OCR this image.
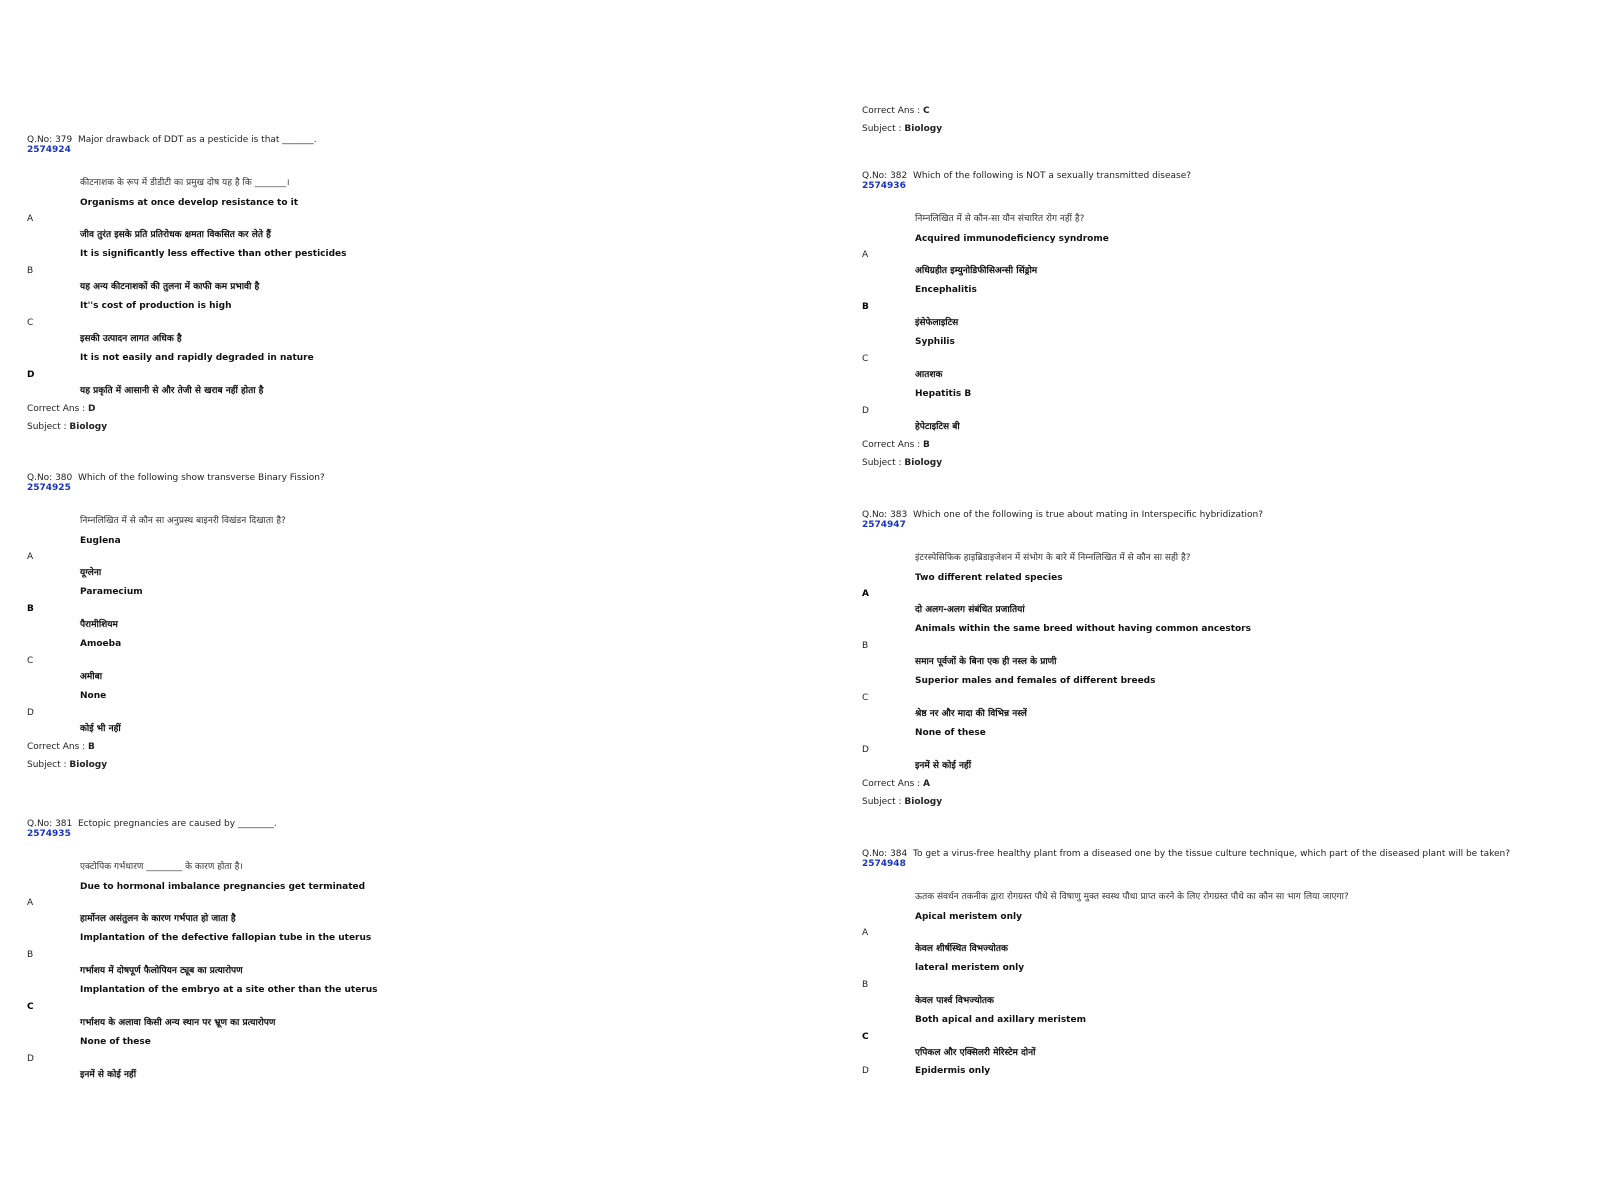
Q.No: 379 Major drawback of DDT as a pesticide is that _______.
2574924
कीटनाशक के रूप में डीडीटी का प्रमुख दोष यह है कि _______।
Organisms at once develop resistance to it
A
जीव तुरंत इसके प्रति प्रतिरोधक क्षमता विकसित कर लेते हैं
It is significantly less effective than other pesticides
B
यह अन्य कीटनाशकों की तुलना में काफी कम प्रभावी है
It''s cost of production is high
C
इसकी उत्पादन लागत अधिक है
It is not easily and rapidly degraded in nature
D
यह प्रकृति में आसानी से और तेजी से खराब नहीं होता है
Correct Ans : D
Subject : Biology
Q.No: 380 Which of the following show transverse Binary Fission?
2574925
निम्नलिखित में से कौन सा अनुप्रस्थ बाइनरी विखंडन दिखाता है?
Euglena
A
यूग्लेना
Paramecium
B
पैरामीशियम
Amoeba
C
अमीबा
None
D
कोई भी नहीं
Correct Ans : B
Subject : Biology
Q.No: 381 Ectopic pregnancies are caused by ________.
2574935
एक्टोपिक गर्भधारण ________ के कारण होता है।
Due to hormonal imbalance pregnancies get terminated
A
हार्मोनल असंतुलन के कारण गर्भपात हो जाता है
Implantation of the defective fallopian tube in the uterus
B
गर्भाशय में दोषपूर्ण फैलोपियन ट्यूब का प्रत्यारोपण
Implantation of the embryo at a site other than the uterus
C
गर्भाशय के अलावा किसी अन्य स्थान पर भ्रूण का प्रत्यारोपण
None of these
D
इनमें से कोई नहीं
Correct Ans : C
Subject : Biology
Q.No: 382 Which of the following is NOT a sexually transmitted disease?
2574936
निम्नलिखित में से कौन-सा यौन संचारित रोग नहीं है?
Acquired immunodeficiency syndrome
A
अधिग्रहीत इम्युनोडिफीसिअन्सी सिंड्रोम
Encephalitis
B
इंसेफेलाइटिस
Syphilis
C
आतशक
Hepatitis B
D
हेपेटाइटिस बी
Correct Ans : B
Subject : Biology
Q.No: 383 Which one of the following is true about mating in Interspecific hybridization?
2574947
इंटरस्पेसिफिक हाइब्रिडाइजेशन में संभोग के बारे में निम्नलिखित में से कौन सा सही है?
Two different related species
A
दो अलग-अलग संबंधित प्रजातियां
Animals within the same breed without having common ancestors
B
समान पूर्वजों के बिना एक ही नस्ल के प्राणी
Superior males and females of different breeds
C
श्रेष्ठ नर और मादा की विभिन्न नस्लें
None of these
D
इनमें से कोई नहीं
Correct Ans : A
Subject : Biology
Q.No: 384 To get a virus-free healthy plant from a diseased one by the tissue culture technique, which part of the diseased plant will be taken?
2574948
ऊतक संवर्धन तकनीक द्वारा रोगग्रस्त पौधे से विषाणु मुक्त स्वस्थ पौधा प्राप्त करने के लिए रोगग्रस्त पौधे का कौन सा भाग लिया जाएगा?
Apical meristem only
A
केवल शीर्षस्थित विभज्योतक
lateral meristem only
B
केवल पार्श्व विभज्योतक
Both apical and axillary meristem
C
एपिकल और एक्सिलरी मेरिस्टेम दोनों
D	Epidermis only
